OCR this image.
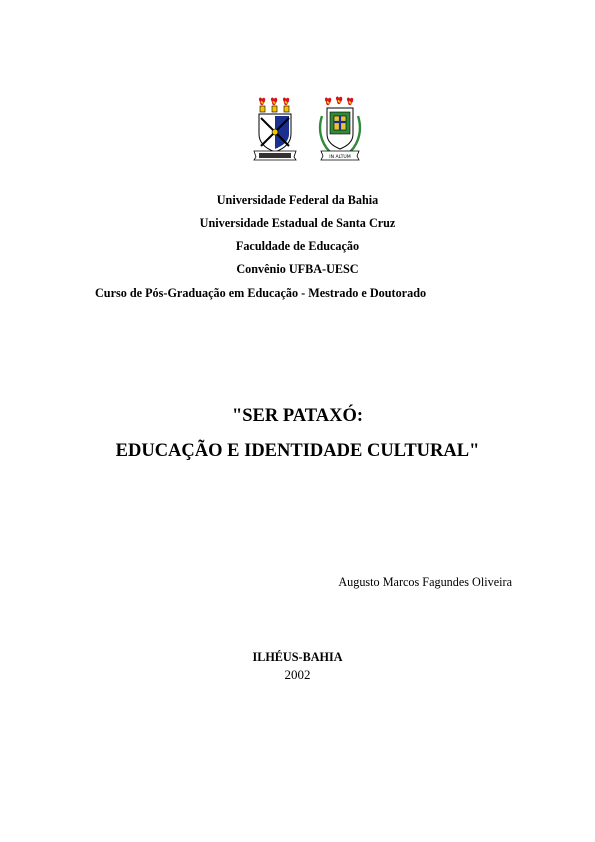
IN ALTUM
Universidade Federal da Bahia
Universidade Estadual de Santa Cruz
Faculdade de Educação
Convênio UFBA-UESC
Curso de Pós-Graduação em Educação - Mestrado e Doutorado
"SER PATAXÓ:
EDUCAÇÃO E IDENTIDADE CULTURAL"
Augusto Marcos Fagundes Oliveira
ILHÉUS-BAHIA
2002
